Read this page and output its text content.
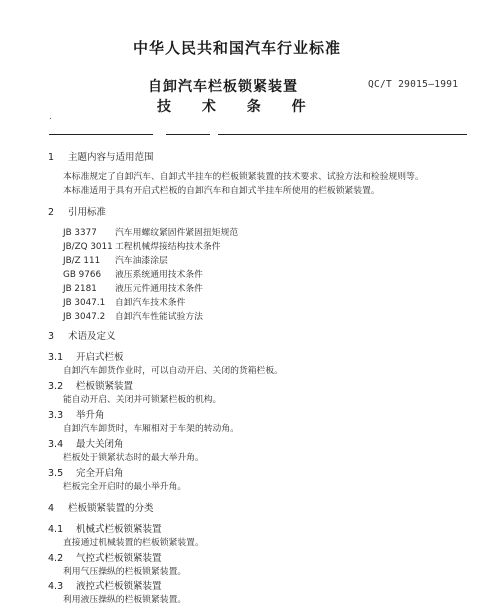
中华人民共和国汽车行业标准
自卸汽车栏板锁紧装置	QC/T 29015—1991
技 术 条 件
.
1 主题内容与适用范围
本标准规定了自卸汽车、自卸式半挂车的栏板锁紧装置的技术要求、试验方法和检验规则等。
本标准适用于具有开启式栏板的自卸汽车和自卸式半挂车所使用的栏板锁紧装置。
2 引用标准
JB 3377 汽车用螺纹紧固件紧固扭矩规范
JB/ZQ 3011 工程机械焊接结构技术条件
JB/Z 111 汽车油漆涂层
GB 9766 液压系统通用技术条件
JB 2181 液压元件通用技术条件
JB 3047.1 自卸汽车技术条件
JB 3047.2 自卸汽车性能试验方法
3 术语及定义
3.1 开启式栏板
自卸汽车卸货作业时，可以自动开启、关闭的货箱栏板。
3.2 栏板锁紧装置
能自动开启、关闭并可锁紧栏板的机构。
3.3 举升角
自卸汽车卸货时，车厢相对于车架的转动角。
3.4 最大关闭角
栏板处于锁紧状态时的最大举升角。
3.5 完全开启角
栏板完全开启时的最小举升角。
4 栏板锁紧装置的分类
4.1 机械式栏板锁紧装置
直接通过机械装置的栏板锁紧装置。
4.2 气控式栏板锁紧装置
利用气压操纵的栏板锁紧装置。
4.3 液控式栏板锁紧装置
利用液压操纵的栏板锁紧装置。
